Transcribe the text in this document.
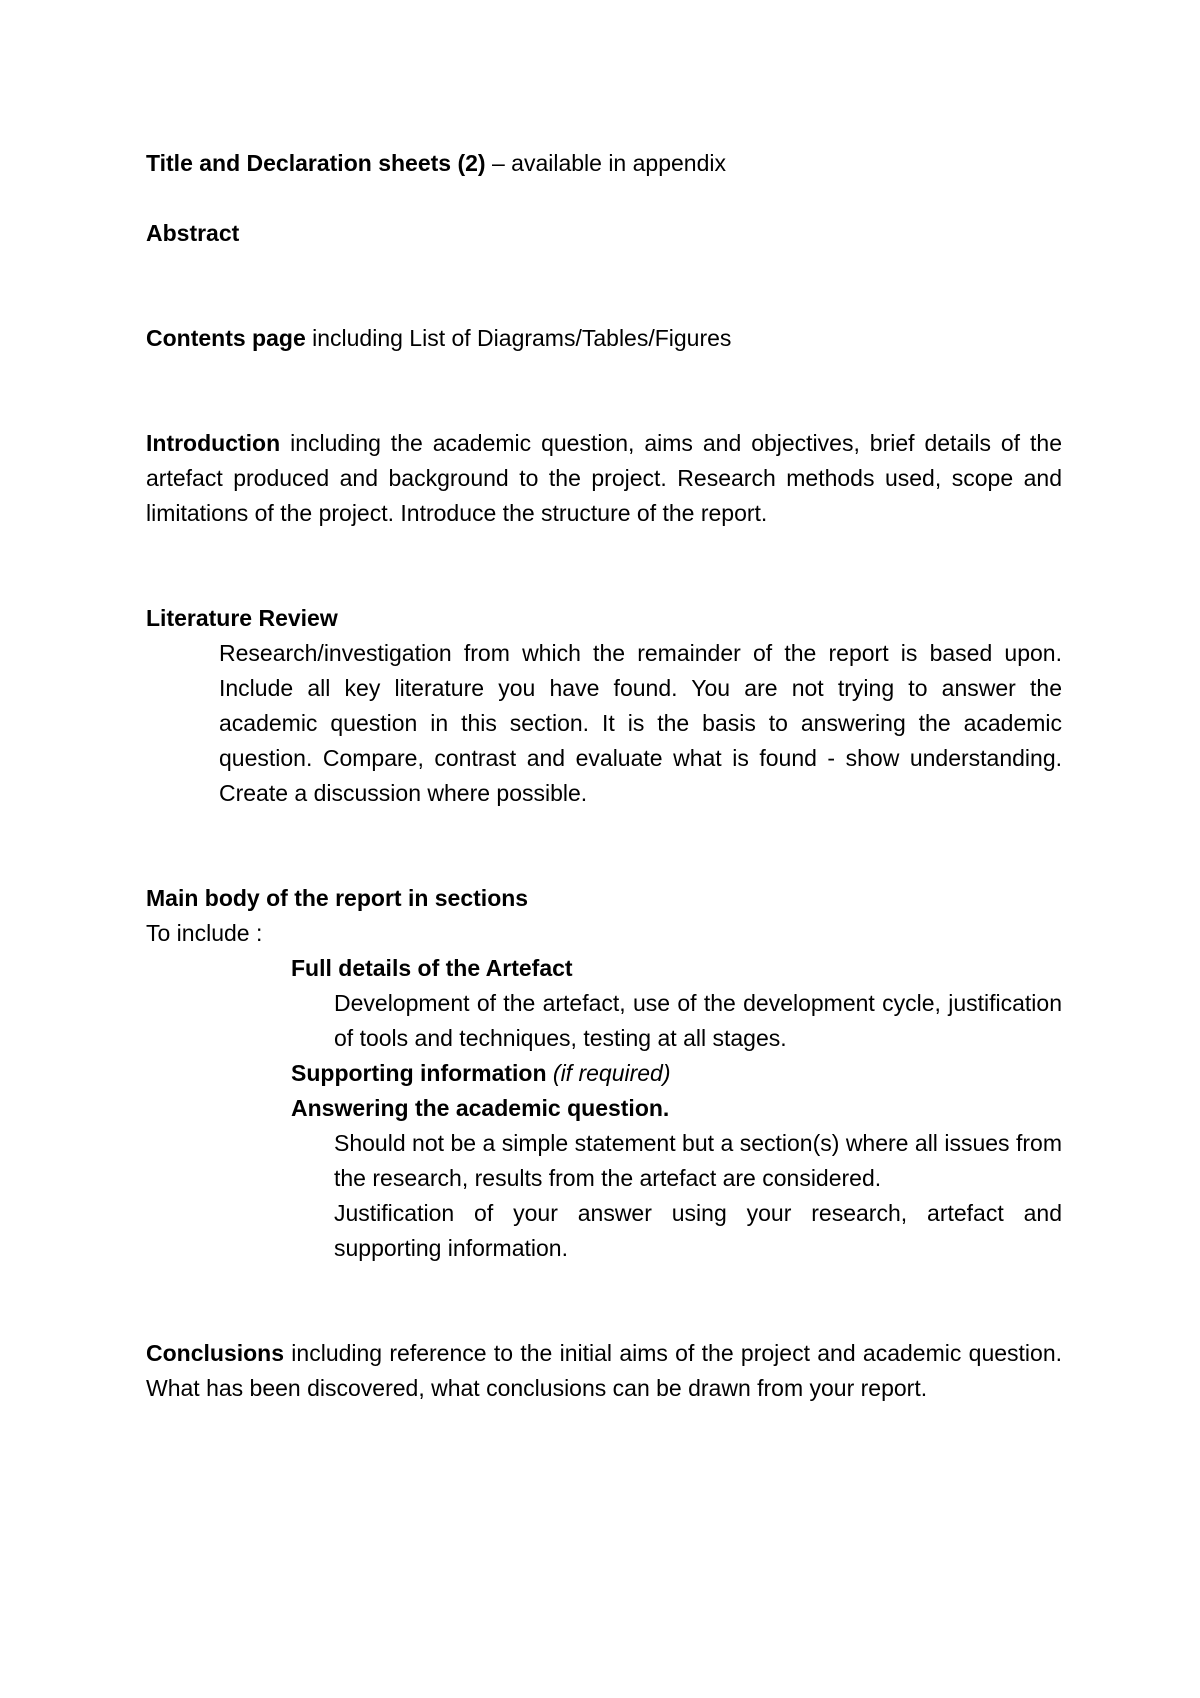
Title and Declaration sheets (2) – available in appendix

Abstract

Contents page including List of Diagrams/Tables/Figures

Introduction including the academic question, aims and objectives, brief details of the artefact produced and background to the project. Research methods used, scope and limitations of the project. Introduce the structure of the report.

Literature Review

Research/investigation from which the remainder of the report is based upon. Include all key literature you have found. You are not trying to answer the academic question in this section. It is the basis to answering the academic question. Compare, contrast and evaluate what is found - show understanding. Create a discussion where possible.

Main body of the report in sections

To include :

Full details of the Artefact

Development of the artefact, use of the development cycle, justification of tools and techniques, testing at all stages.

Supporting information (if required)

Answering the academic question.

Should not be a simple statement but a section(s) where all issues from the research, results from the artefact are considered.

Justification of your answer using your research, artefact and supporting information.

Conclusions including reference to the initial aims of the project and academic question. What has been discovered, what conclusions can be drawn from your report.
